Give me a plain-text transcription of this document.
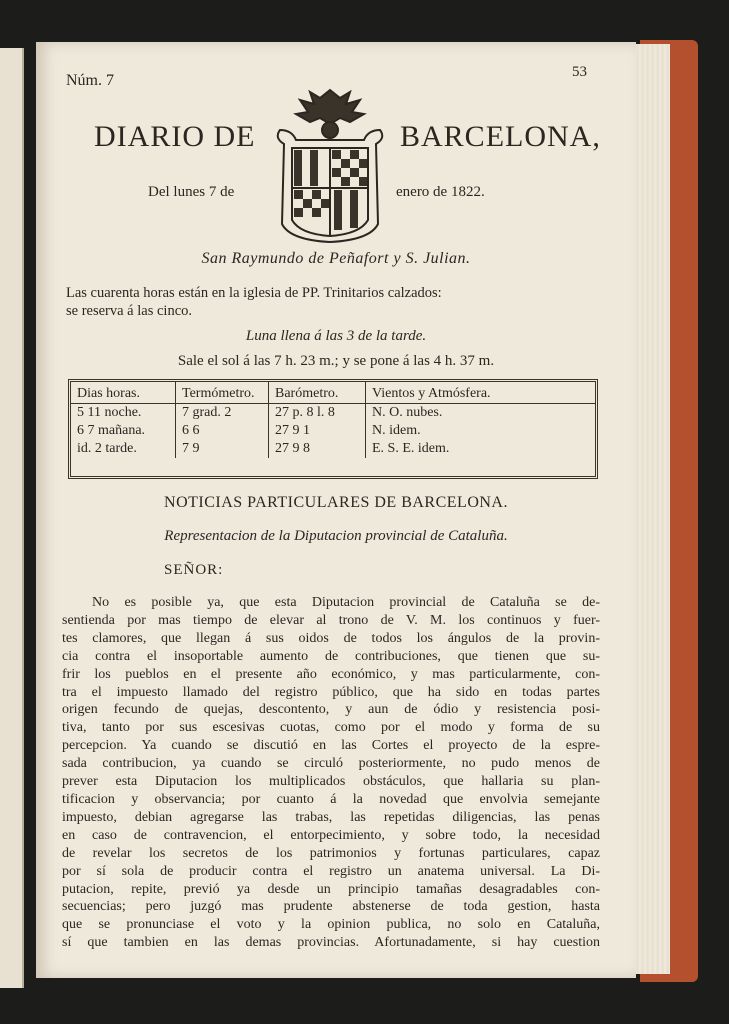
Núm. 7	53
DIARIO DE	BARCELONA,
Del lunes 7 de	enero de 1822.
San Raymundo de Peñafort y S. Julian.
Las cuarenta horas están en la iglesia de PP. Trinitarios calzados:
se reserva á las cinco.
Luna llena á las 3 de la tarde.
Sale el sol á las 7 h. 23 m.; y se pone á las 4 h. 37 m.
Dias horas.	Termómetro.	Barómetro.	Vientos y Atmósfera.
5 11 noche.	7 grad. 2	27 p. 8 l. 8	N. O. nubes.
6 7 mañana.	6 6	27 9 1	N. idem.
id. 2 tarde.	7 9	27 9 8	E. S. E. idem.
NOTICIAS PARTICULARES DE BARCELONA.
Representacion de la Diputacion provincial de Cataluña.
SEÑOR:
No es posible ya, que esta Diputacion provincial de Cataluña se de-
sentienda por mas tiempo de elevar al trono de V. M. los continuos y fuer-
tes clamores, que llegan á sus oidos de todos los ángulos de la provin-
cia contra el insoportable aumento de contribuciones, que tienen que su-
frir los pueblos en el presente año económico, y mas particularmente, con-
tra el impuesto llamado del registro público, que ha sido en todas partes
origen fecundo de quejas, descontento, y aun de ódio y resistencia posi-
tiva, tanto por sus escesivas cuotas, como por el modo y forma de su
percepcion. Ya cuando se discutió en las Cortes el proyecto de la espre-
sada contribucion, ya cuando se circuló posteriormente, no pudo menos de
prever esta Diputacion los multiplicados obstáculos, que hallaria su plan-
tificacion y observancia; por cuanto á la novedad que envolvia semejante
impuesto, debian agregarse las trabas, las repetidas diligencias, las penas
en caso de contravencion, el entorpecimiento, y sobre todo, la necesidad
de revelar los secretos de los patrimonios y fortunas particulares, capaz
por sí sola de producir contra el registro un anatema universal. La Di-
putacion, repite, previó ya desde un principio tamañas desagradables con-
secuencias; pero juzgó mas prudente abstenerse de toda gestion, hasta
que se pronunciase el voto y la opinion publica, no solo en Cataluña,
sí que tambien en las demas provincias. Afortunadamente, si hay cuestion
